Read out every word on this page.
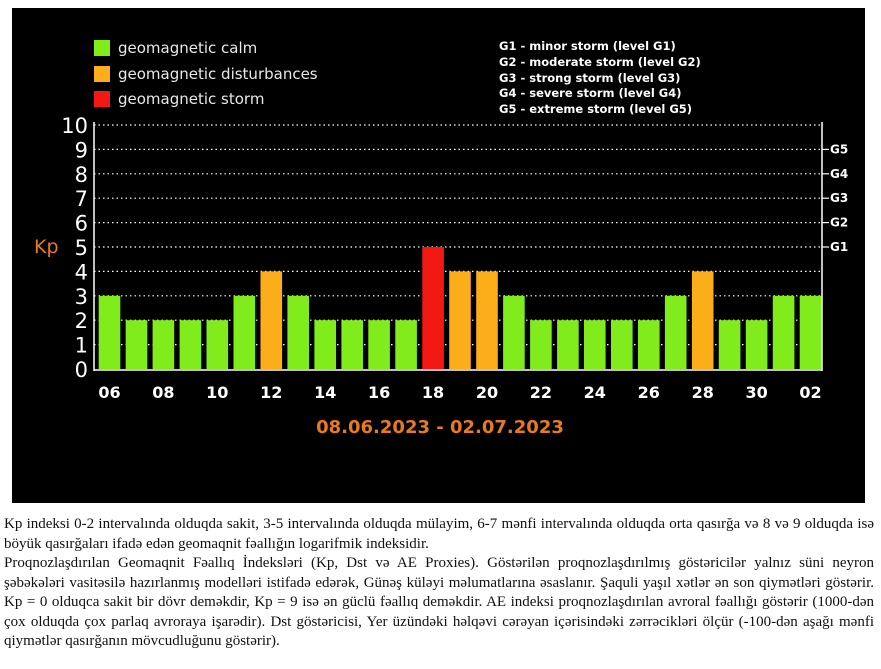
geomagnetic calm
geomagnetic disturbances
geomagnetic storm
G1 - minor storm (level G1)
G2 - moderate storm (level G2)
G3 - strong storm (level G3)
G4 - severe storm (level G4)
G5 - extreme storm (level G5)
0
1
2
3
4
5
6
7
8
9
10
G1
G2
G3
G4
G5
Kp
06 08 10 12 14 16 18 20 22 24 26 28 30 02
08.06.2023 - 02.07.2023

Kp indeksi 0-2 intervalında olduqda sakit, 3-5 intervalında olduqda mülayim, 6-7 mənfi intervalında olduqda orta qasırğa və 8 və 9 olduqda isə böyük qasırğaları ifadə edən geomaqnit fəallığın logarifmik indeksidir.

Proqnozlaşdırılan Geomaqnit Fəallıq İndeksləri (Kp, Dst və AE Proxies). Göstərilən proqnozlaşdırılmış göstəricilər yalnız süni neyron şəbəkələri vasitəsilə hazırlanmış modelləri istifadə edərək, Günəş küləyi məlumatlarına əsaslanır. Şaquli yaşıl xətlər ən son qiymətləri göstərir. Kp = 0 olduqca sakit bir dövr deməkdir, Kp = 9 isə ən güclü fəallıq deməkdir. AE indeksi proqnozlaşdırılan avroral fəallığı göstərir (1000-dən çox olduqda çox parlaq avroraya işarədir). Dst göstəricisi, Yer üzündəki həlqəvi cərəyan içərisindəki zərrəcikləri ölçür (-100-dən aşağı mənfi qiymətlər qasırğanın mövcudluğunu göstərir).
